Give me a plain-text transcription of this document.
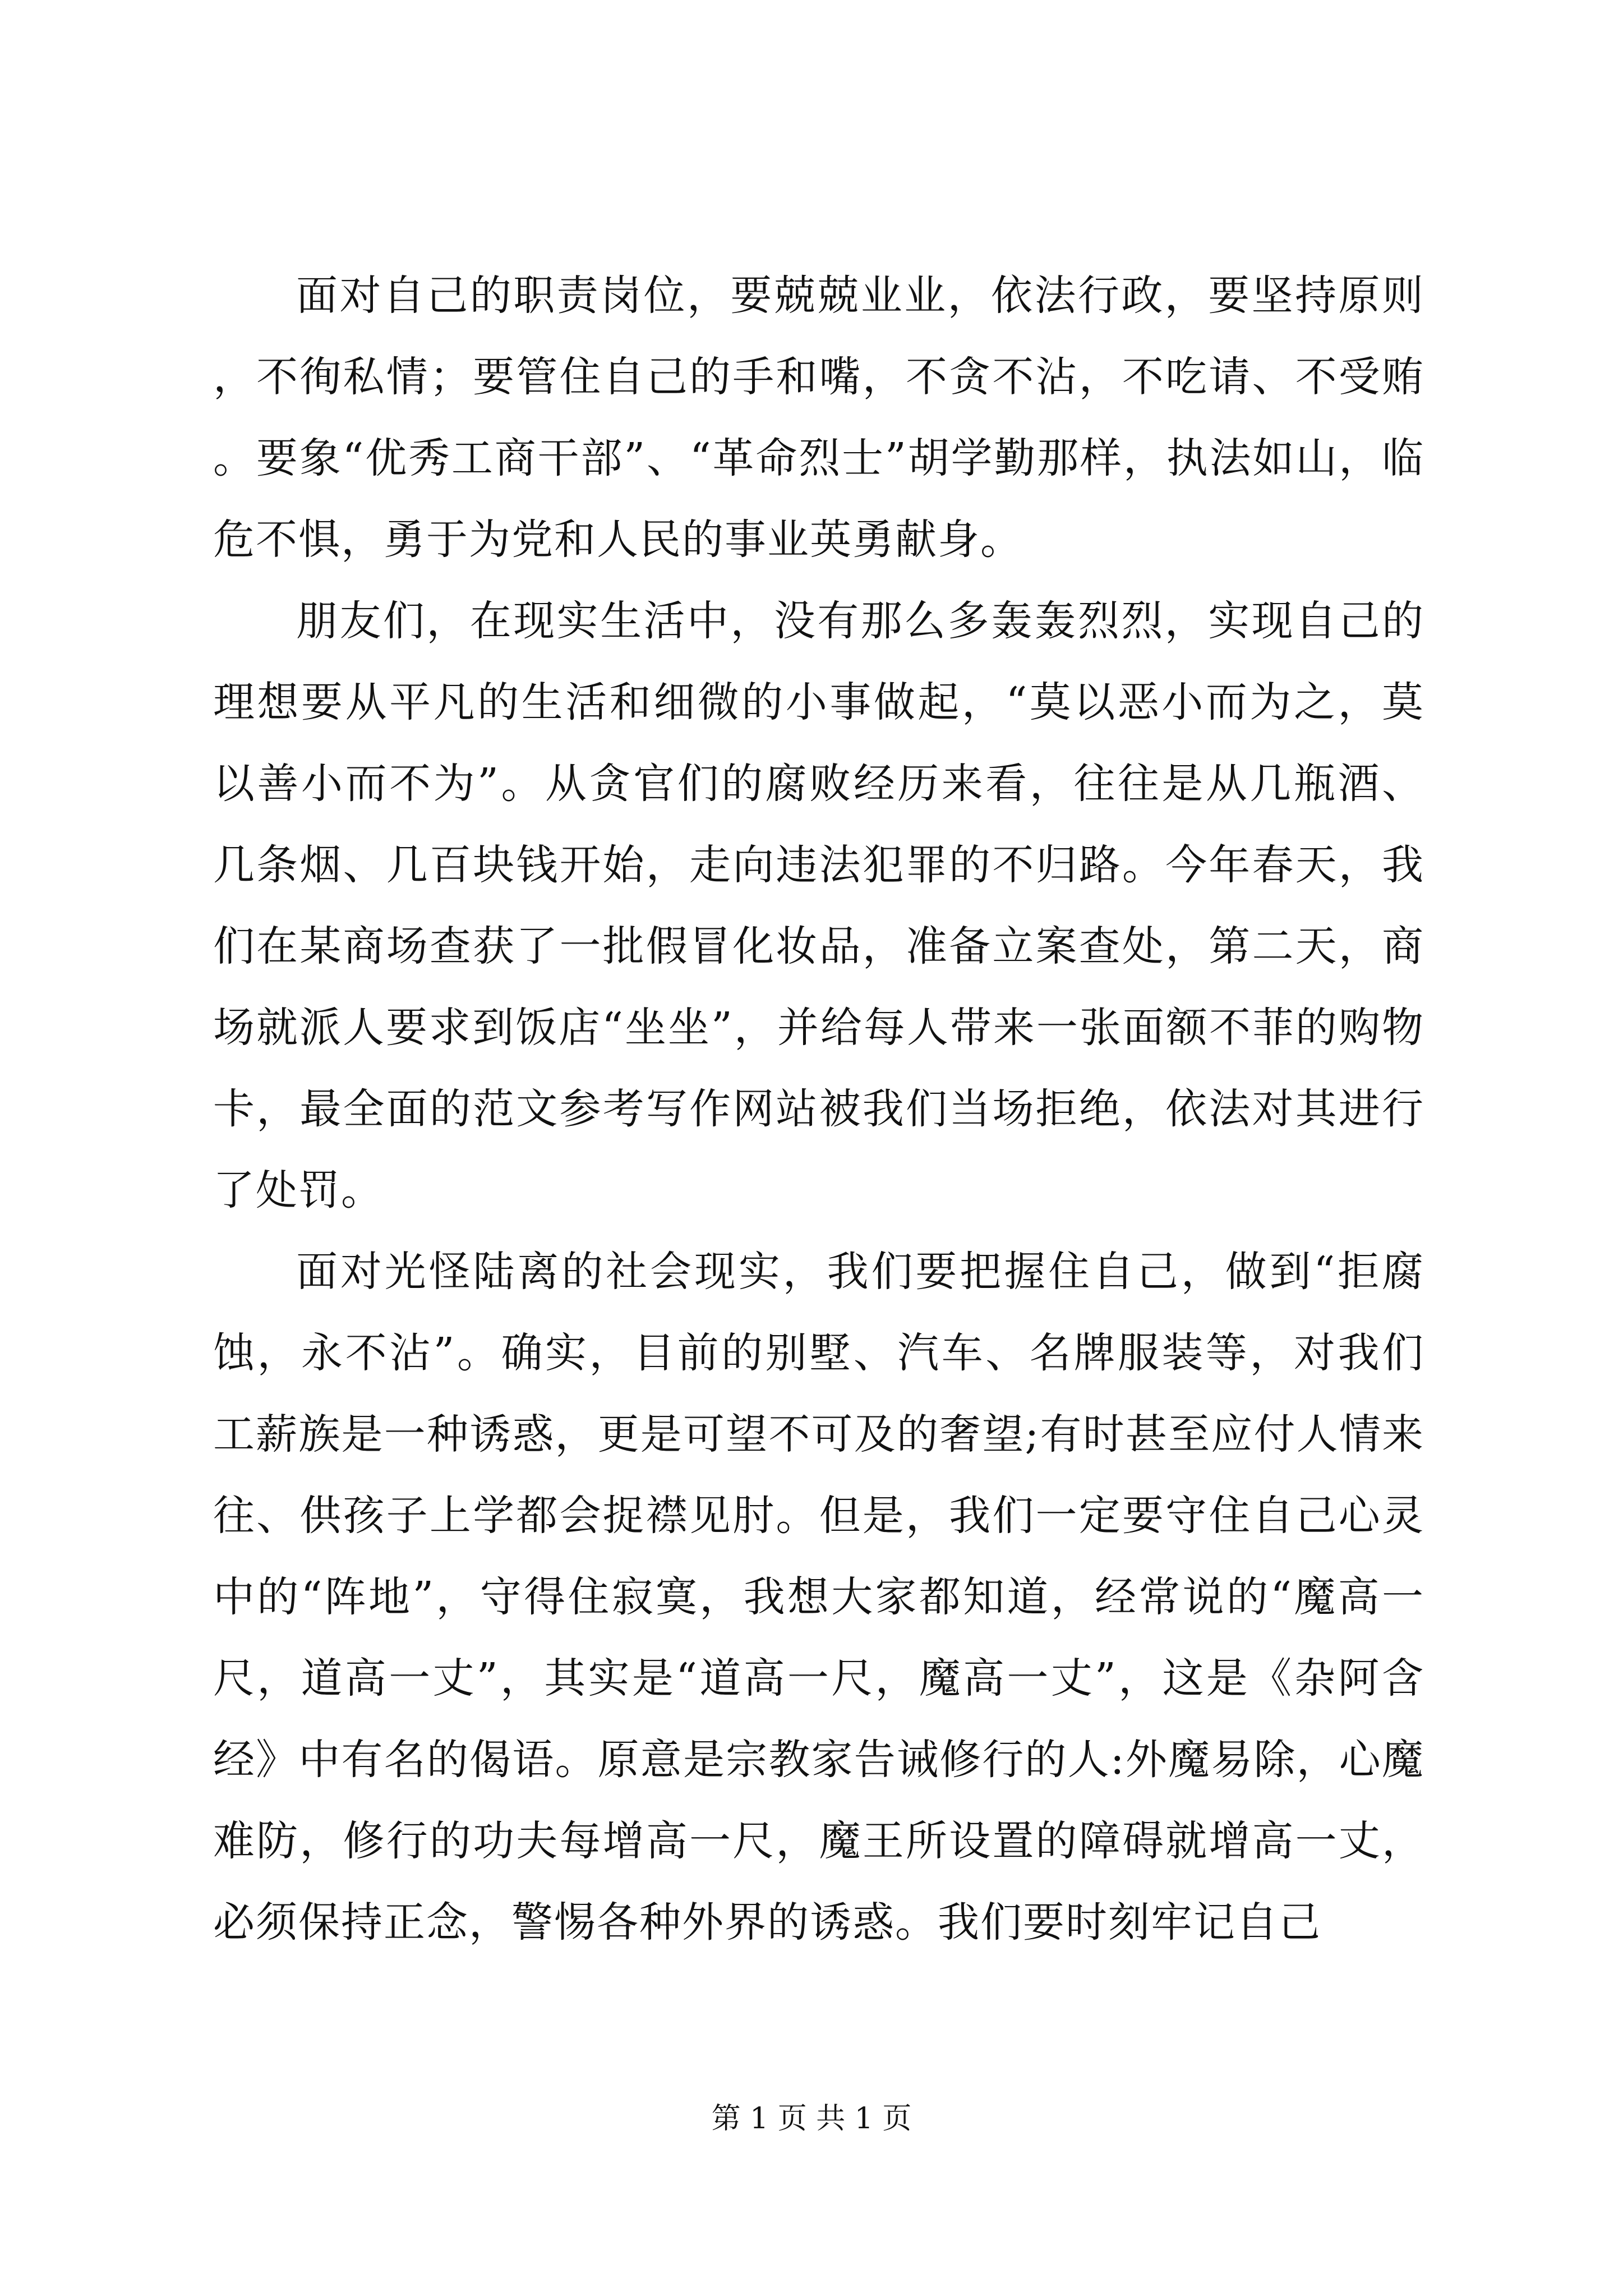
面对自己的职责岗位，要兢兢业业，依法行政，要坚持原则，不徇私情；要管住自己的手和嘴，不贪不沾，不吃请、不受贿。要象“优秀工商干部”、“革命烈士”胡学勤那样，执法如山，临危不惧，勇于为党和人民的事业英勇献身。

朋友们，在现实生活中，没有那么多轰轰烈烈，实现自己的理想要从平凡的生活和细微的小事做起，“莫以恶小而为之，莫以善小而不为”。从贪官们的腐败经历来看，往往是从几瓶酒、几条烟、几百块钱开始，走向违法犯罪的不归路。今年春天，我们在某商场查获了一批假冒化妆品，准备立案查处，第二天，商场就派人要求到饭店“坐坐”，并给每人带来一张面额不菲的购物卡，最全面的范文参考写作网站被我们当场拒绝，依法对其进行了处罚。

面对光怪陆离的社会现实，我们要把握住自己，做到“拒腐蚀，永不沾”。确实，目前的别墅、汽车、名牌服装等，对我们工薪族是一种诱惑，更是可望不可及的奢望;有时甚至应付人情来往、供孩子上学都会捉襟见肘。但是，我们一定要守住自己心灵中的“阵地”，守得住寂寞，我想大家都知道，经常说的“魔高一尺，道高一丈”，其实是“道高一尺，魔高一丈”，这是《杂阿含经》中有名的偈语。原意是宗教家告诫修行的人:外魔易除，心魔难防，修行的功夫每增高一尺，魔王所设置的障碍就增高一丈，必须保持正念，警惕各种外界的诱惑。我们要时刻牢记自己

第 1 页 共 1 页
